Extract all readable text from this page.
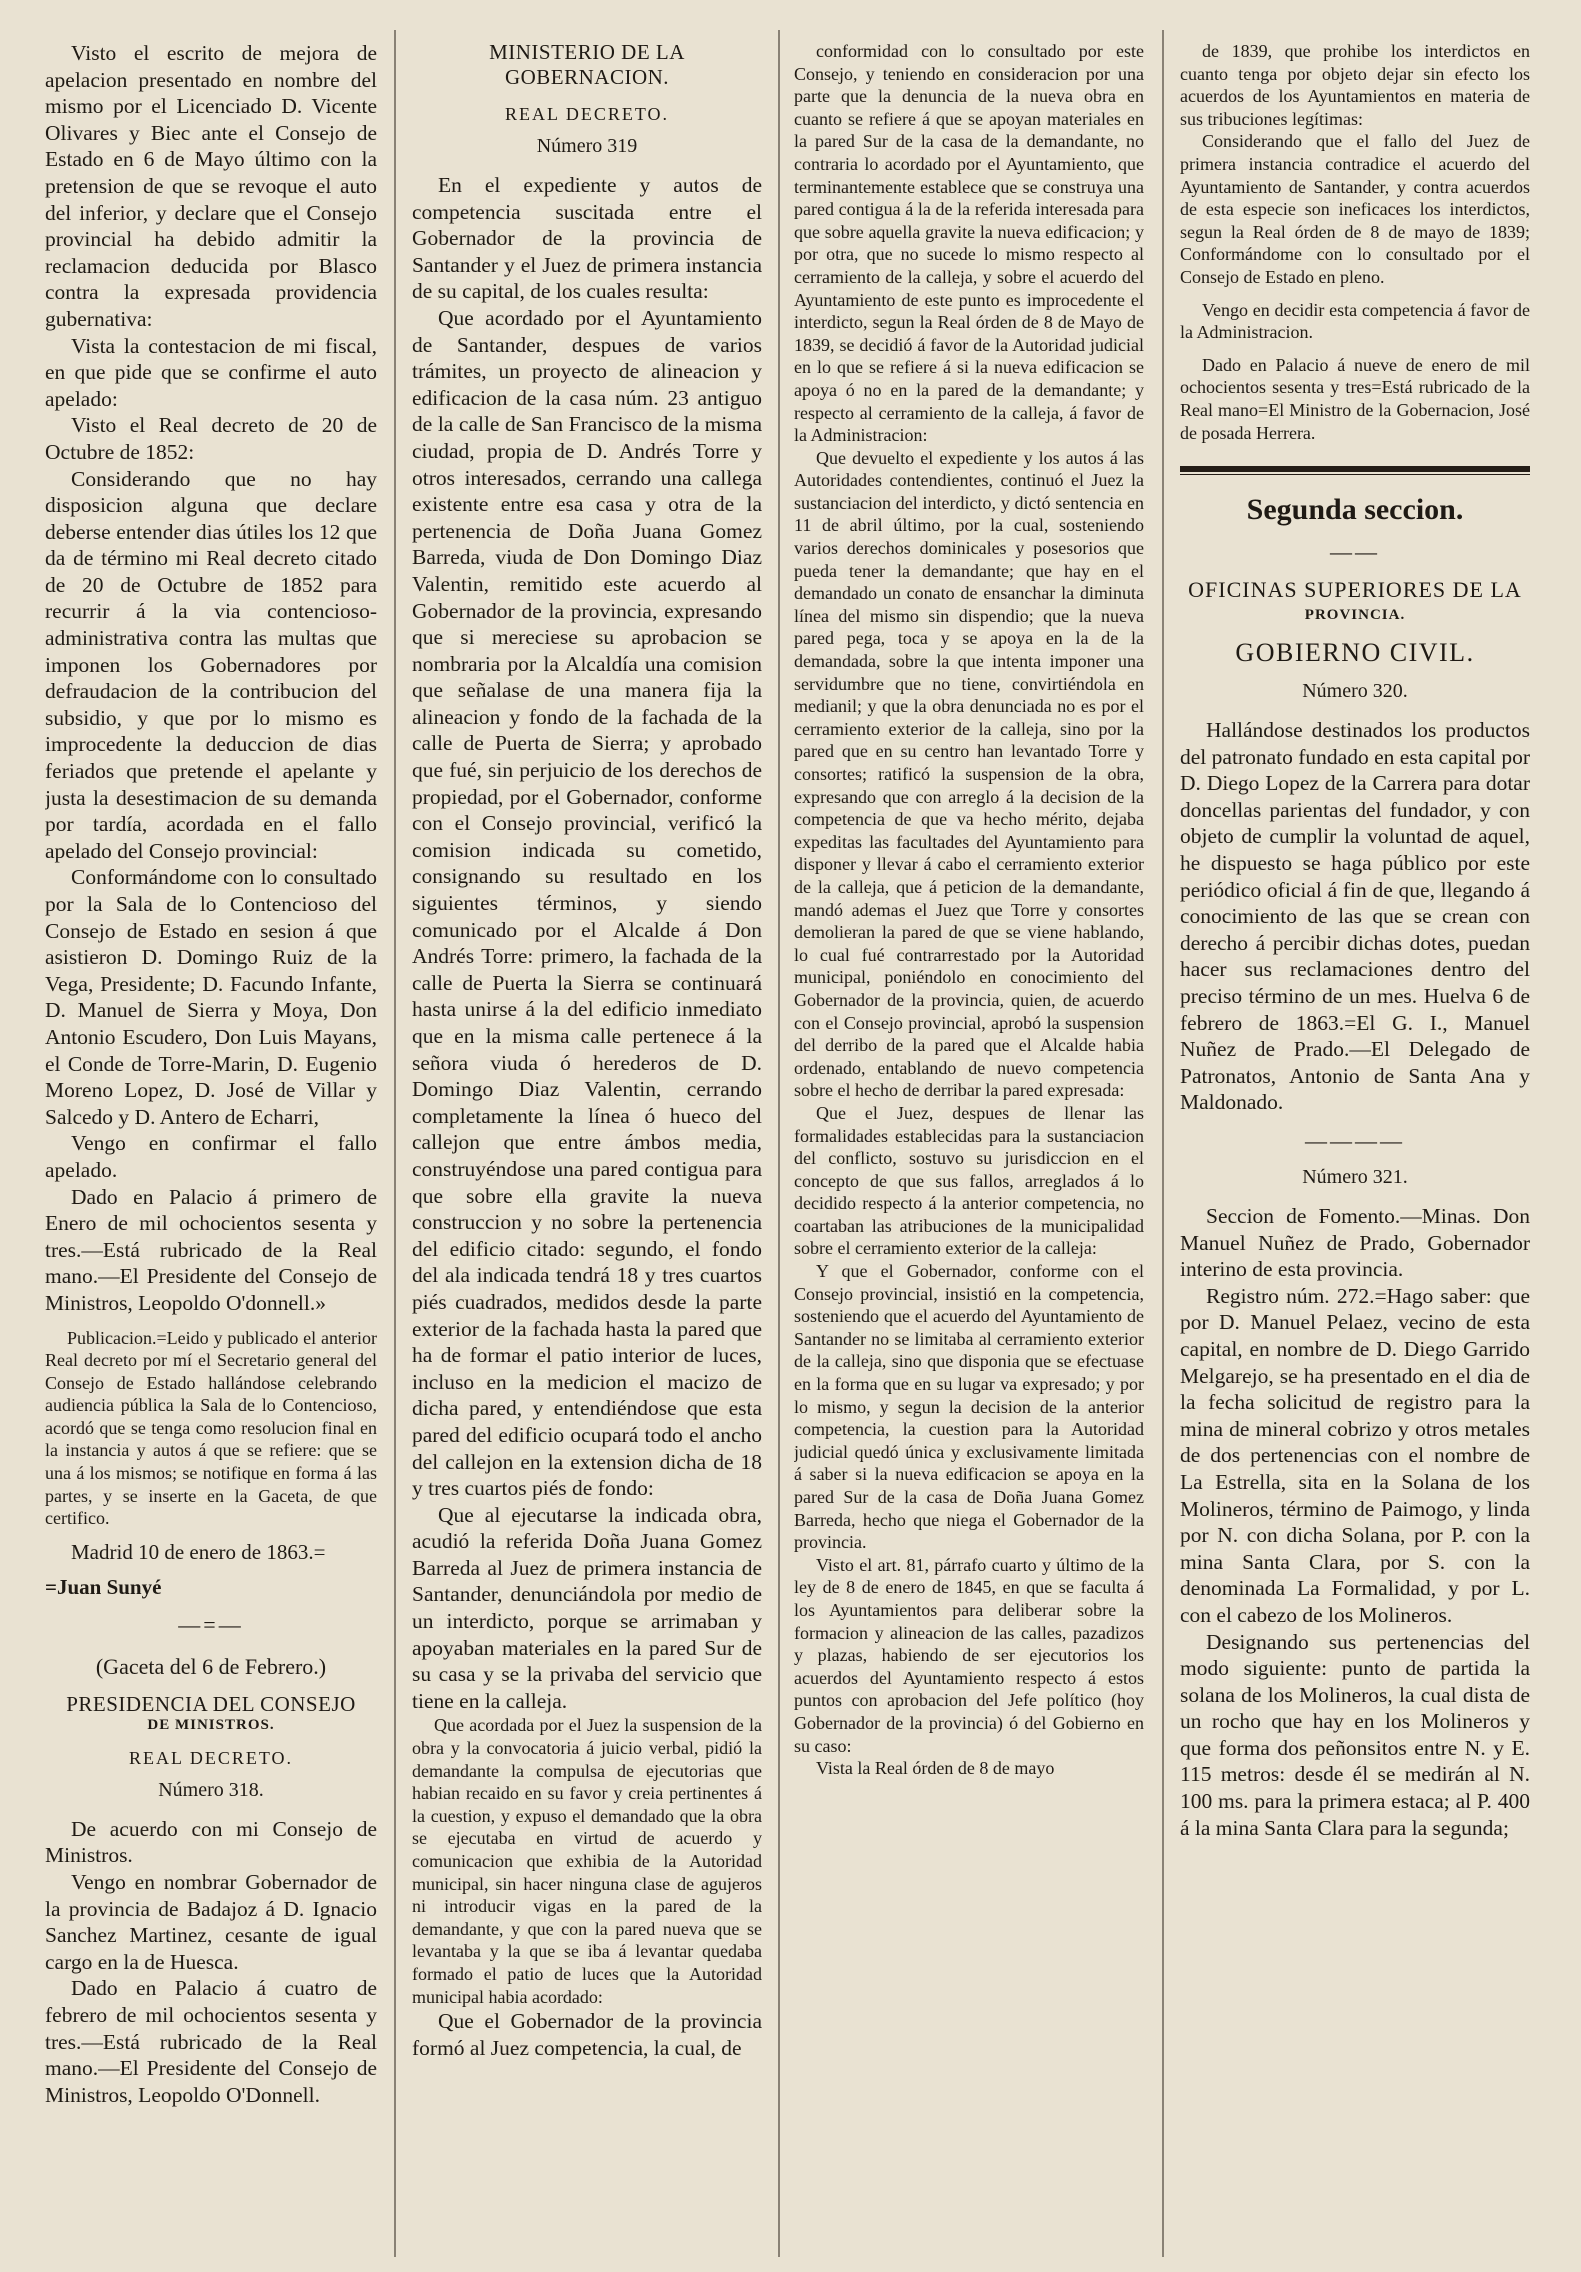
Visto el escrito de mejora de apelacion presentado en nombre del mismo por el Licenciado D. Vicente Olivares y Biec ante el Consejo de Estado en 6 de Mayo último con la pretension de que se revoque el auto del inferior, y declare que el Consejo provincial ha debido admitir la reclamacion deducida por Blasco contra la expresada providencia gubernativa:

Vista la contestacion de mi fiscal, en que pide que se confirme el auto apelado:

Visto el Real decreto de 20 de Octubre de 1852:

Considerando que no hay disposicion alguna que declare deberse entender dias útiles los 12 que da de término mi Real decreto citado de 20 de Octubre de 1852 para recurrir á la via contencioso-administrativa contra las multas que imponen los Gobernadores por defraudacion de la contribucion del subsidio, y que por lo mismo es improcedente la deduccion de dias feriados que pretende el apelante y justa la desestimacion de su demanda por tardía, acordada en el fallo apelado del Consejo provincial:

Conformándome con lo consultado por la Sala de lo Contencioso del Consejo de Estado en sesion á que asistieron D. Domingo Ruiz de la Vega, Presidente; D. Facundo Infante, D. Manuel de Sierra y Moya, Don Antonio Escudero, Don Luis Mayans, el Conde de Torre-Marin, D. Eugenio Moreno Lopez, D. José de Villar y Salcedo y D. Antero de Echarri,

Vengo en confirmar el fallo apelado.

Dado en Palacio á primero de Enero de mil ochocientos sesenta y tres.—Está rubricado de la Real mano.—El Presidente del Consejo de Ministros, Leopoldo O'donnell.»

Publicacion.=Leido y publicado el anterior Real decreto por mí el Secretario general del Consejo de Estado hallándose celebrando audiencia pública la Sala de lo Contencioso, acordó que se tenga como resolucion final en la instancia y autos á que se refiere: que se una á los mismos; se notifique en forma á las partes, y se inserte en la Gaceta, de que certifico.

Madrid 10 de enero de 1863.=

=Juan Sunyé

—=—

(Gaceta del 6 de Febrero.)

PRESIDENCIA DEL CONSEJO

DE MINISTROS.

REAL DECRETO.

Número 318.

De acuerdo con mi Consejo de Ministros.

Vengo en nombrar Gobernador de la provincia de Badajoz á D. Ignacio Sanchez Martinez, cesante de igual cargo en la de Huesca.

Dado en Palacio á cuatro de febrero de mil ochocientos sesenta y tres.—Está rubricado de la Real mano.—El Presidente del Consejo de Ministros, Leopoldo O'Donnell.

MINISTERIO DE LA GOBERNACION.

REAL DECRETO.

Número 319

En el expediente y autos de competencia suscitada entre el Gobernador de la provincia de Santander y el Juez de primera instancia de su capital, de los cuales resulta:

Que acordado por el Ayuntamiento de Santander, despues de varios trámites, un proyecto de alineacion y edificacion de la casa núm. 23 antiguo de la calle de San Francisco de la misma ciudad, propia de D. Andrés Torre y otros interesados, cerrando una callega existente entre esa casa y otra de la pertenencia de Doña Juana Gomez Barreda, viuda de Don Domingo Diaz Valentin, remitido este acuerdo al Gobernador de la provincia, expresando que si mereciese su aprobacion se nombraria por la Alcaldía una comision que señalase de una manera fija la alineacion y fondo de la fachada de la calle de Puerta de Sierra; y aprobado que fué, sin perjuicio de los derechos de propiedad, por el Gobernador, conforme con el Consejo provincial, verificó la comision indicada su cometido, consignando su resultado en los siguientes términos, y siendo comunicado por el Alcalde á Don Andrés Torre: primero, la fachada de la calle de Puerta la Sierra se continuará hasta unirse á la del edificio inmediato que en la misma calle pertenece á la señora viuda ó herederos de D. Domingo Diaz Valentin, cerrando completamente la línea ó hueco del callejon que entre ámbos media, construyéndose una pared contigua para que sobre ella gravite la nueva construccion y no sobre la pertenencia del edificio citado: segundo, el fondo del ala indicada tendrá 18 y tres cuartos piés cuadrados, medidos desde la parte exterior de la fachada hasta la pared que ha de formar el patio interior de luces, incluso en la medicion el macizo de dicha pared, y entendiéndose que esta pared del edificio ocupará todo el ancho del callejon en la extension dicha de 18 y tres cuartos piés de fondo:

Que al ejecutarse la indicada obra, acudió la referida Doña Juana Gomez Barreda al Juez de primera instancia de Santander, denunciándola por medio de un interdicto, porque se arrimaban y apoyaban materiales en la pared Sur de su casa y se la privaba del servicio que tiene en la calleja.

Que acordada por el Juez la suspension de la obra y la convocatoria á juicio verbal, pidió la demandante la compulsa de ejecutorias que habian recaido en su favor y creia pertinentes á la cuestion, y expuso el demandado que la obra se ejecutaba en virtud de acuerdo y comunicacion que exhibia de la Autoridad municipal, sin hacer ninguna clase de agujeros ni introducir vigas en la pared de la demandante, y que con la pared nueva que se levantaba y la que se iba á levantar quedaba formado el patio de luces que la Autoridad municipal habia acordado:

Que el Gobernador de la provincia formó al Juez competencia, la cual, de

conformidad con lo consultado por este Consejo, y teniendo en consideracion por una parte que la denuncia de la nueva obra en cuanto se refiere á que se apoyan materiales en la pared Sur de la casa de la demandante, no contraria lo acordado por el Ayuntamiento, que terminantemente establece que se construya una pared contigua á la de la referida interesada para que sobre aquella gravite la nueva edificacion; y por otra, que no sucede lo mismo respecto al cerramiento de la calleja, y sobre el acuerdo del Ayuntamiento de este punto es improcedente el interdicto, segun la Real órden de 8 de Mayo de 1839, se decidió á favor de la Autoridad judicial en lo que se refiere á si la nueva edificacion se apoya ó no en la pared de la demandante; y respecto al cerramiento de la calleja, á favor de la Administracion:

Que devuelto el expediente y los autos á las Autoridades contendientes, continuó el Juez la sustanciacion del interdicto, y dictó sentencia en 11 de abril último, por la cual, sosteniendo varios derechos dominicales y posesorios que pueda tener la demandante; que hay en el demandado un conato de ensanchar la diminuta línea del mismo sin dispendio; que la nueva pared pega, toca y se apoya en la de la demandada, sobre la que intenta imponer una servidumbre que no tiene, convirtiéndola en medianil; y que la obra denunciada no es por el cerramiento exterior de la calleja, sino por la pared que en su centro han levantado Torre y consortes; ratificó la suspension de la obra, expresando que con arreglo á la decision de la competencia de que va hecho mérito, dejaba expeditas las facultades del Ayuntamiento para disponer y llevar á cabo el cerramiento exterior de la calleja, que á peticion de la demandante, mandó ademas el Juez que Torre y consortes demolieran la pared de que se viene hablando, lo cual fué contrarrestado por la Autoridad municipal, poniéndolo en conocimiento del Gobernador de la provincia, quien, de acuerdo con el Consejo provincial, aprobó la suspension del derribo de la pared que el Alcalde habia ordenado, entablando de nuevo competencia sobre el hecho de derribar la pared expresada:

Que el Juez, despues de llenar las formalidades establecidas para la sustanciacion del conflicto, sostuvo su jurisdiccion en el concepto de que sus fallos, arreglados á lo decidido respecto á la anterior competencia, no coartaban las atribuciones de la municipalidad sobre el cerramiento exterior de la calleja:

Y que el Gobernador, conforme con el Consejo provincial, insistió en la competencia, sosteniendo que el acuerdo del Ayuntamiento de Santander no se limitaba al cerramiento exterior de la calleja, sino que disponia que se efectuase en la forma que en su lugar va expresado; y por lo mismo, y segun la decision de la anterior competencia, la cuestion para la Autoridad judicial quedó única y exclusivamente limitada á saber si la nueva edificacion se apoya en la pared Sur de la casa de Doña Juana Gomez Barreda, hecho que niega el Gobernador de la provincia.

Visto el art. 81, párrafo cuarto y último de la ley de 8 de enero de 1845, en que se faculta á los Ayuntamientos para deliberar sobre la formacion y alineacion de las calles, pazadizos y plazas, habiendo de ser ejecutorios los acuerdos del Ayuntamiento respecto á estos puntos con aprobacion del Jefe político (hoy Gobernador de la provincia) ó del Gobierno en su caso:

Vista la Real órden de 8 de mayo

de 1839, que prohibe los interdictos en cuanto tenga por objeto dejar sin efecto los acuerdos de los Ayuntamientos en materia de sus tribuciones legítimas:

Considerando que el fallo del Juez de primera instancia contradice el acuerdo del Ayuntamiento de Santander, y contra acuerdos de esta especie son ineficaces los interdictos, segun la Real órden de 8 de mayo de 1839; Conformándome con lo consultado por el Consejo de Estado en pleno.

Vengo en decidir esta competencia á favor de la Administracion.

Dado en Palacio á nueve de enero de mil ochocientos sesenta y tres=Está rubricado de la Real mano=El Ministro de la Gobernacion, José de posada Herrera.

Segunda seccion.

——

OFICINAS SUPERIORES DE LA

PROVINCIA.

GOBIERNO CIVIL.

Número 320.

Hallándose destinados los productos del patronato fundado en esta capital por D. Diego Lopez de la Carrera para dotar doncellas parientas del fundador, y con objeto de cumplir la voluntad de aquel, he dispuesto se haga público por este periódico oficial á fin de que, llegando á conocimiento de las que se crean con derecho á percibir dichas dotes, puedan hacer sus reclamaciones dentro del preciso término de un mes. Huelva 6 de febrero de 1863.=El G. I., Manuel Nuñez de Prado.—El Delegado de Patronatos, Antonio de Santa Ana y Maldonado.

————

Número 321.

Seccion de Fomento.—Minas. Don Manuel Nuñez de Prado, Gobernador interino de esta provincia.

Registro núm. 272.=Hago saber: que por D. Manuel Pelaez, vecino de esta capital, en nombre de D. Diego Garrido Melgarejo, se ha presentado en el dia de la fecha solicitud de registro para la mina de mineral cobrizo y otros metales de dos pertenencias con el nombre de La Estrella, sita en la Solana de los Molineros, término de Paimogo, y linda por N. con dicha Solana, por P. con la mina Santa Clara, por S. con la denominada La Formalidad, y por L. con el cabezo de los Molineros.

Designando sus pertenencias del modo siguiente: punto de partida la solana de los Molineros, la cual dista de un rocho que hay en los Molineros y que forma dos peñonsitos entre N. y E. 115 metros: desde él se medirán al N. 100 ms. para la primera estaca; al P. 400 á la mina Santa Clara para la segunda;
